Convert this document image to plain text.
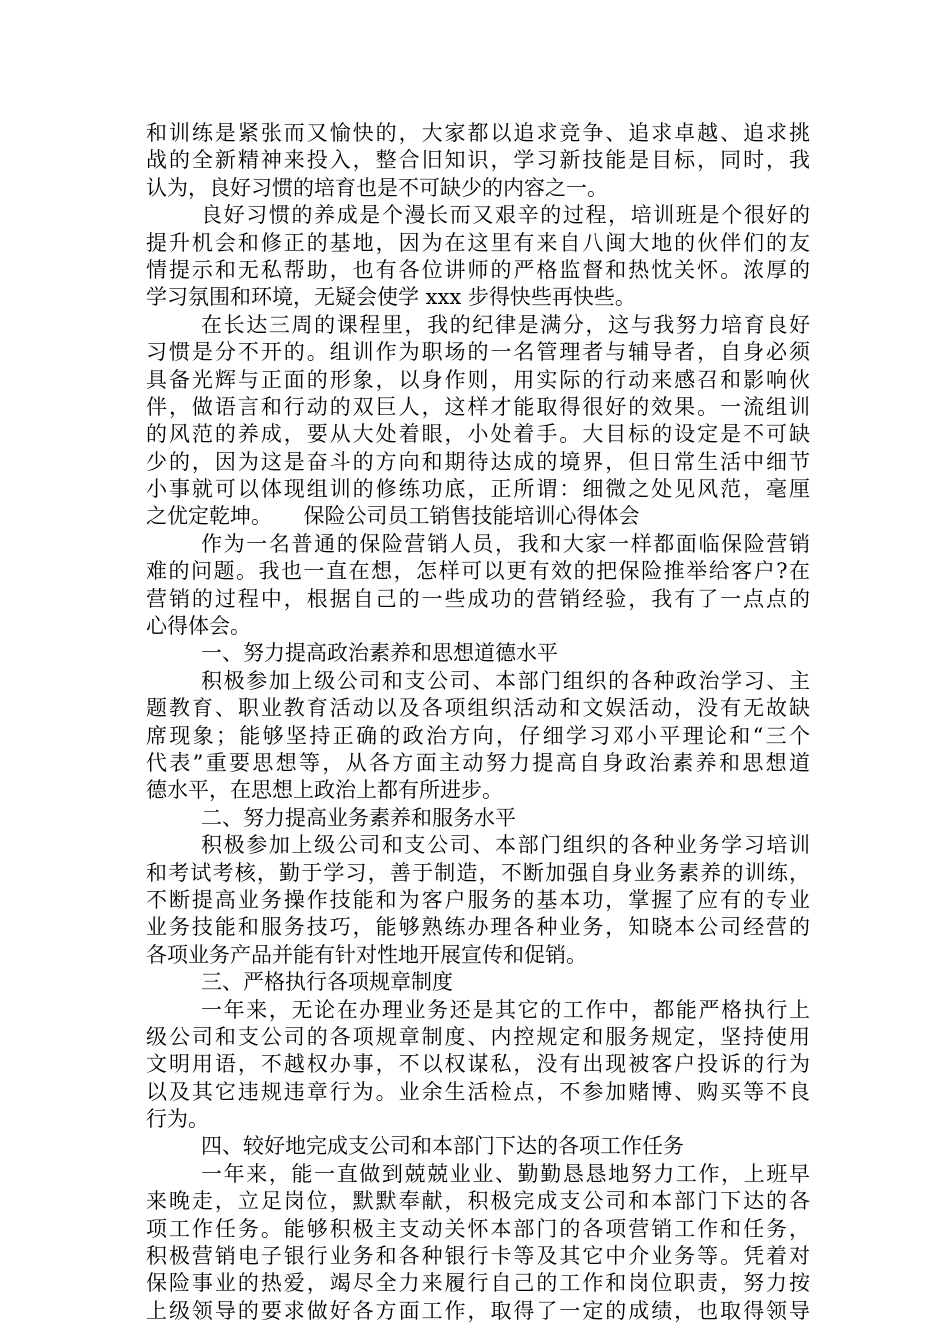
和训练是紧张而又愉快的，大家都以追求竞争、追求卓越、追求挑
战的全新精神来投入，整合旧知识，学习新技能是目标，同时，我
认为，良好习惯的培育也是不可缺少的内容之一。
良好习惯的养成是个漫长而又艰辛的过程，培训班是个很好的
提升机会和修正的基地，因为在这里有来自八闽大地的伙伴们的友
情提示和无私帮助，也有各位讲师的严格监督和热忱关怀。浓厚的
学习氛围和环境，无疑会使学 xxx 步得快些再快些。
在长达三周的课程里，我的纪律是满分，这与我努力培育良好
习惯是分不开的。组训作为职场的一名管理者与辅导者，自身必须
具备光辉与正面的形象，以身作则，用实际的行动来感召和影响伙
伴，做语言和行动的双巨人，这样才能取得很好的效果。一流组训
的风范的养成，要从大处着眼，小处着手。大目标的设定是不可缺
少的，因为这是奋斗的方向和期待达成的境界，但日常生活中细节
小事就可以体现组训的修练功底，正所谓：细微之处见风范，毫厘
之优定乾坤。　　保险公司员工销售技能培训心得体会
作为一名普通的保险营销人员，我和大家一样都面临保险营销
难的问题。我也一直在想，怎样可以更有效的把保险推举给客户?在
营销的过程中，根据自己的一些成功的营销经验，我有了一点点的
心得体会。
一、努力提高政治素养和思想道德水平
积极参加上级公司和支公司、本部门组织的各种政治学习、主
题教育、职业教育活动以及各项组织活动和文娱活动，没有无故缺
席现象；能够坚持正确的政治方向，仔细学习邓小平理论和“三个
代表”重要思想等，从各方面主动努力提高自身政治素养和思想道
德水平，在思想上政治上都有所进步。
二、努力提高业务素养和服务水平
积极参加上级公司和支公司、本部门组织的各种业务学习培训
和考试考核，勤于学习，善于制造，不断加强自身业务素养的训练，
不断提高业务操作技能和为客户服务的基本功，掌握了应有的专业
业务技能和服务技巧，能够熟练办理各种业务，知晓本公司经营的
各项业务产品并能有针对性地开展宣传和促销。
三、严格执行各项规章制度
一年来，无论在办理业务还是其它的工作中，都能严格执行上
级公司和支公司的各项规章制度、内控规定和服务规定，坚持使用
文明用语，不越权办事，不以权谋私，没有出现被客户投诉的行为
以及其它违规违章行为。业余生活检点，不参加赌博、购买等不良
行为。
四、较好地完成支公司和本部门下达的各项工作任务
一年来，能一直做到兢兢业业、勤勤恳恳地努力工作，上班早
来晚走，立足岗位，默默奉献，积极完成支公司和本部门下达的各
项工作任务。能够积极主支动关怀本部门的各项营销工作和任务，
积极营销电子银行业务和各种银行卡等及其它中介业务等。凭着对
保险事业的热爱，竭尽全力来履行自己的工作和岗位职责，努力按
上级领导的要求做好各方面工作，取得了一定的成绩，也取得领导
